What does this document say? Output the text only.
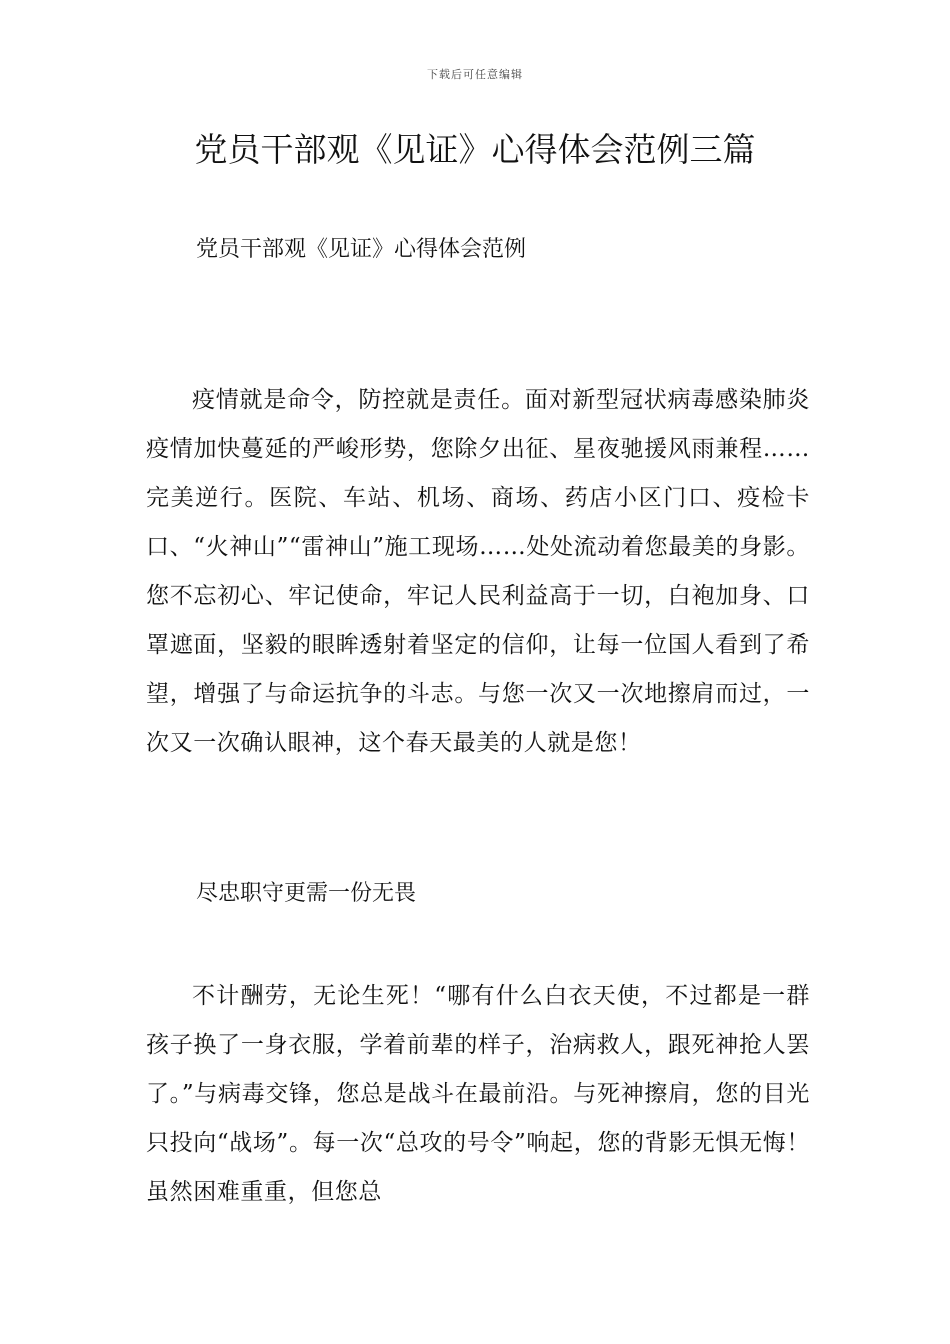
下载后可任意编辑
党员干部观《见证》心得体会范例三篇

党员干部观《见证》心得体会范例

疫情就是命令，防控就是责任。面对新型冠状病毒感染肺炎疫情加快蔓延的严峻形势，您除夕出征、星夜驰援风雨兼程……完美逆行。医院、车站、机场、商场、药店小区门口、疫检卡口、“火神山”“雷神山”施工现场……处处流动着您最美的身影。您不忘初心、牢记使命，牢记人民利益高于一切，白袍加身、口罩遮面，坚毅的眼眸透射着坚定的信仰，让每一位国人看到了希望，增强了与命运抗争的斗志。与您一次又一次地擦肩而过，一次又一次确认眼神，这个春天最美的人就是您！

尽忠职守更需一份无畏

不计酬劳，无论生死！“哪有什么白衣天使，不过都是一群孩子换了一身衣服，学着前辈的样子，治病救人，跟死神抢人罢了。”与病毒交锋，您总是战斗在最前沿。与死神擦肩，您的目光只投向“战场”。每一次“总攻的号令”响起，您的背影无惧无悔！虽然困难重重，但您总
